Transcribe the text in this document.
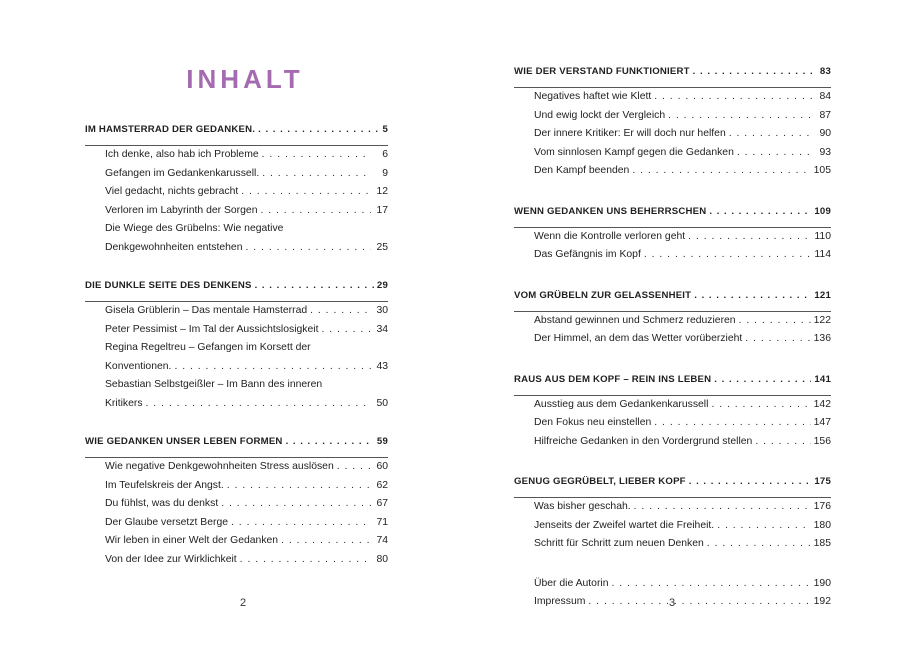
INHALT
IM HAMSTERRAD DER GEDANKEN. . . .	5
Ich denke, also hab ich Probleme . . .	6
Gefangen im Gedankenkarussell. . . .	9
Viel gedacht, nichts gebracht . . .	12
Verloren im Labyrinth der Sorgen . . .	17
Die Wiege des Grübelns: Wie negative
Denkgewohnheiten entstehen . . .	25
DIE DUNKLE SEITE DES DENKENS . . .	29
Gisela Grüblerin – Das mentale Hamsterrad . . .	30
Peter Pessimist – Im Tal der Aussichtslosigkeit . . .	34
Regina Regeltreu – Gefangen im Korsett der
Konventionen. . . .	43
Sebastian Selbstgeißler – Im Bann des inneren
Kritikers . . .	50
WIE GEDANKEN UNSER LEBEN FORMEN . . .	59
Wie negative Denkgewohnheiten Stress auslösen . . .	60
Im Teufelskreis der Angst. . . .	62
Du fühlst, was du denkst . . .	67
Der Glaube versetzt Berge . . .	71
Wir leben in einer Welt der Gedanken . . .	74
Von der Idee zur Wirklichkeit . . .	80
2	3
WIE DER VERSTAND FUNKTIONIERT . . .	83
Negatives haftet wie Klett . . .	84
Und ewig lockt der Vergleich . . .	87
Der innere Kritiker: Er will doch nur helfen . . .	90
Vom sinnlosen Kampf gegen die Gedanken . . .	93
Den Kampf beenden . . .	105
WENN GEDANKEN UNS BEHERRSCHEN . . .	109
Wenn die Kontrolle verloren geht . . .	110
Das Gefängnis im Kopf . . .	114
VOM GRÜBELN ZUR GELASSENHEIT . . .	121
Abstand gewinnen und Schmerz reduzieren . . .	122
Der Himmel, an dem das Wetter vorüberzieht . . .	136
RAUS AUS DEM KOPF – REIN INS LEBEN . . .	141
Ausstieg aus dem Gedankenkarussell . . .	142
Den Fokus neu einstellen . . .	147
Hilfreiche Gedanken in den Vordergrund stellen . . .	156
GENUG GEGRÜBELT, LIEBER KOPF . . .	175
Was bisher geschah. . . .	176
Jenseits der Zweifel wartet die Freiheit. . . .	180
Schritt für Schritt zum neuen Denken . . .	185
Über die Autorin . . .	190
Impressum . . .	192
